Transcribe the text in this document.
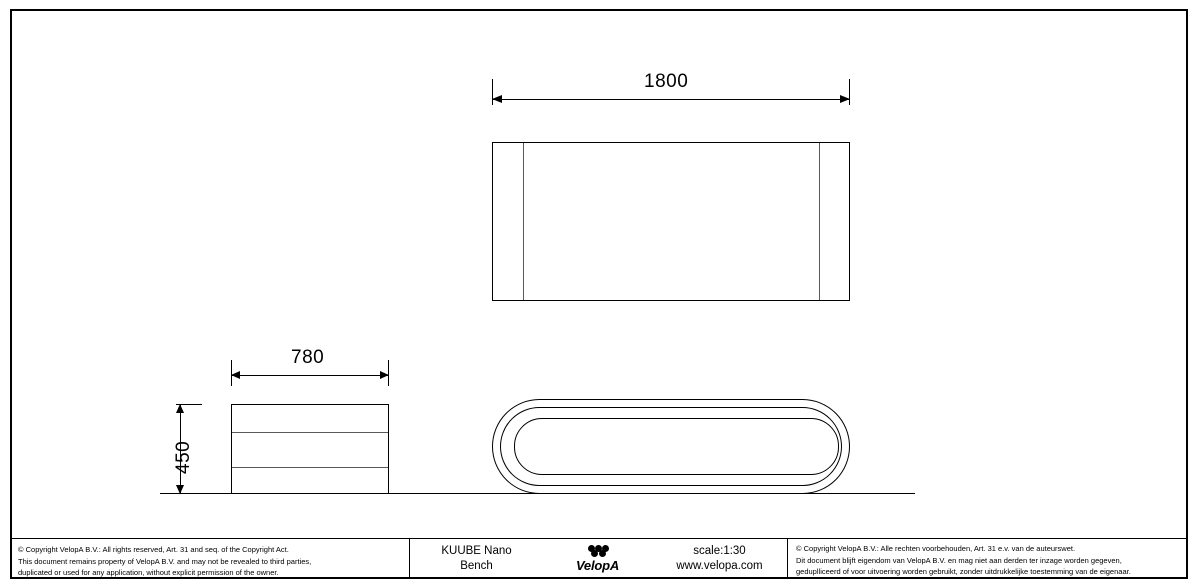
1800
780
450
© Copyright VelopA B.V.: All rights reserved, Art. 31 and seq. of the Copyright Act.
This document remains property of VelopA B.V. and may not be revealed to third parties,
duplicated or used for any application, without explicit permission of the owner.
KUUBE Nano
Bench	VelopA
scale:1:30
www.velopa.com
© Copyright VelopA B.V.: Alle rechten voorbehouden, Art. 31 e.v. van de auteurswet.
Dit document blijft eigendom van VelopA B.V. en mag niet aan derden ter inzage worden gegeven,
geduplliceerd of voor uitvoering worden gebruikt, zonder uitdrukkelijke toestemming van de eigenaar.
